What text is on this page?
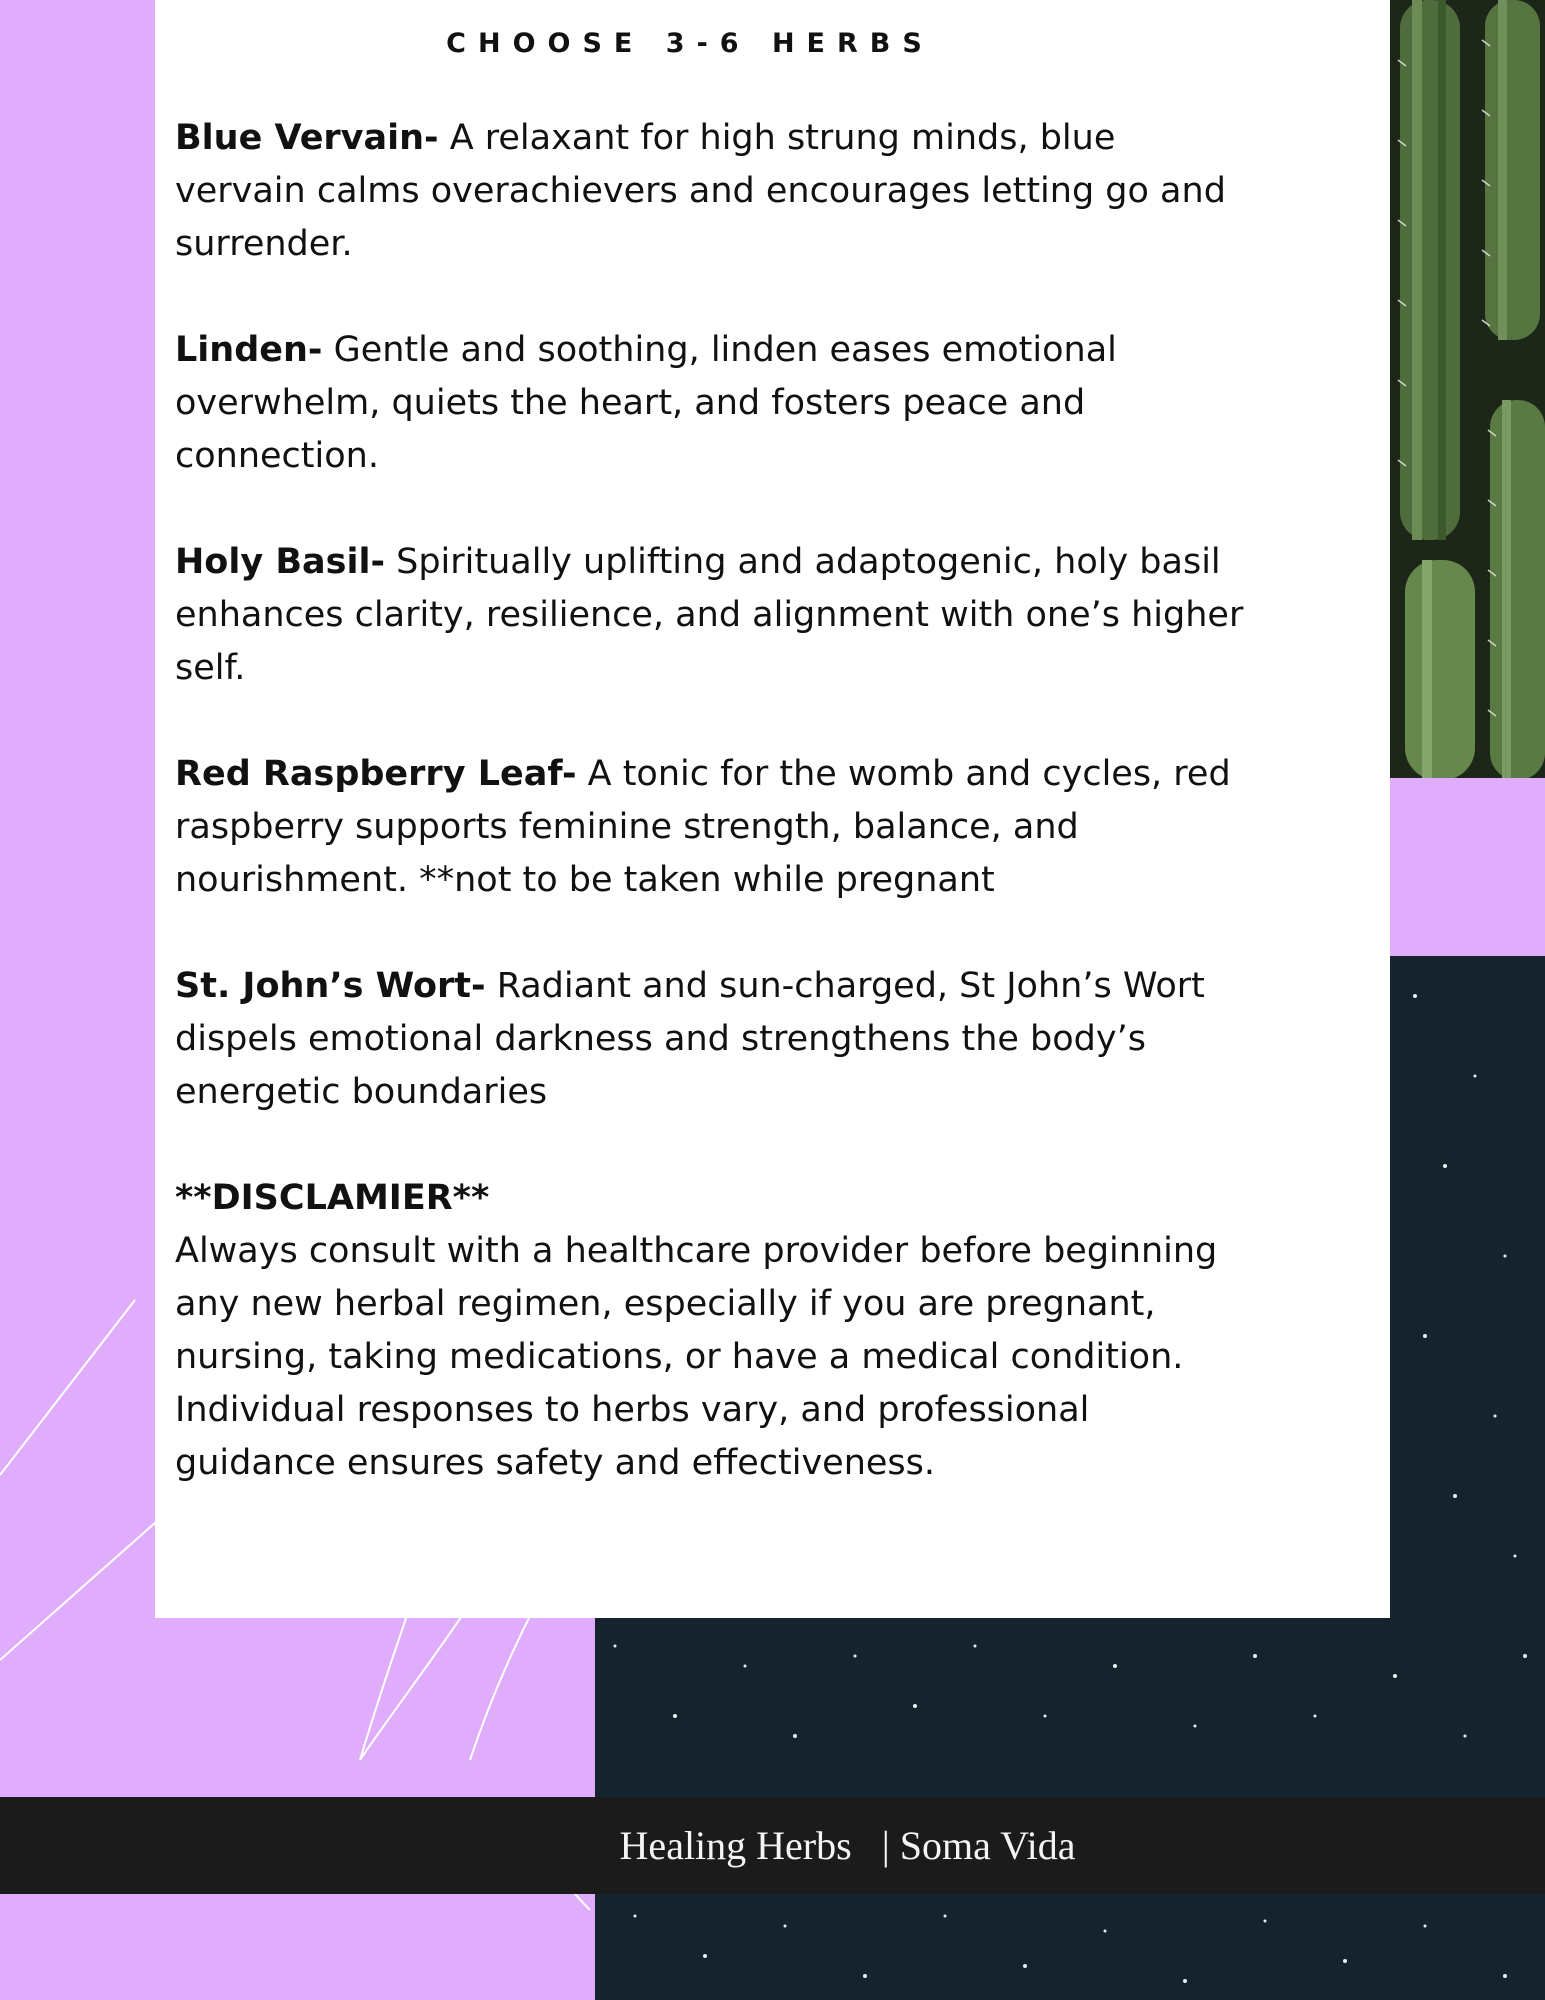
CHOOSE 3-6 HERBS
Blue Vervain- A relaxant for high strung minds, blue vervain calms overachievers and encourages letting go and surrender.
Linden- Gentle and soothing, linden eases emotional overwhelm, quiets the heart, and fosters peace and connection.
Holy Basil- Spiritually uplifting and adaptogenic, holy basil enhances clarity, resilience, and alignment with one’s higher self.
Red Raspberry Leaf- A tonic for the womb and cycles, red raspberry supports feminine strength, balance, and nourishment. **not to be taken while pregnant
St. John’s Wort- Radiant and sun-charged, St John’s Wort dispels emotional darkness and strengthens the body’s energetic boundaries
**DISCLAMIER**
Always consult with a healthcare provider before beginning any new herbal regimen, especially if you are pregnant, nursing, taking medications, or have a medical condition. Individual responses to herbs vary, and professional guidance ensures safety and effectiveness.
Healing Herbs   | Soma Vida
